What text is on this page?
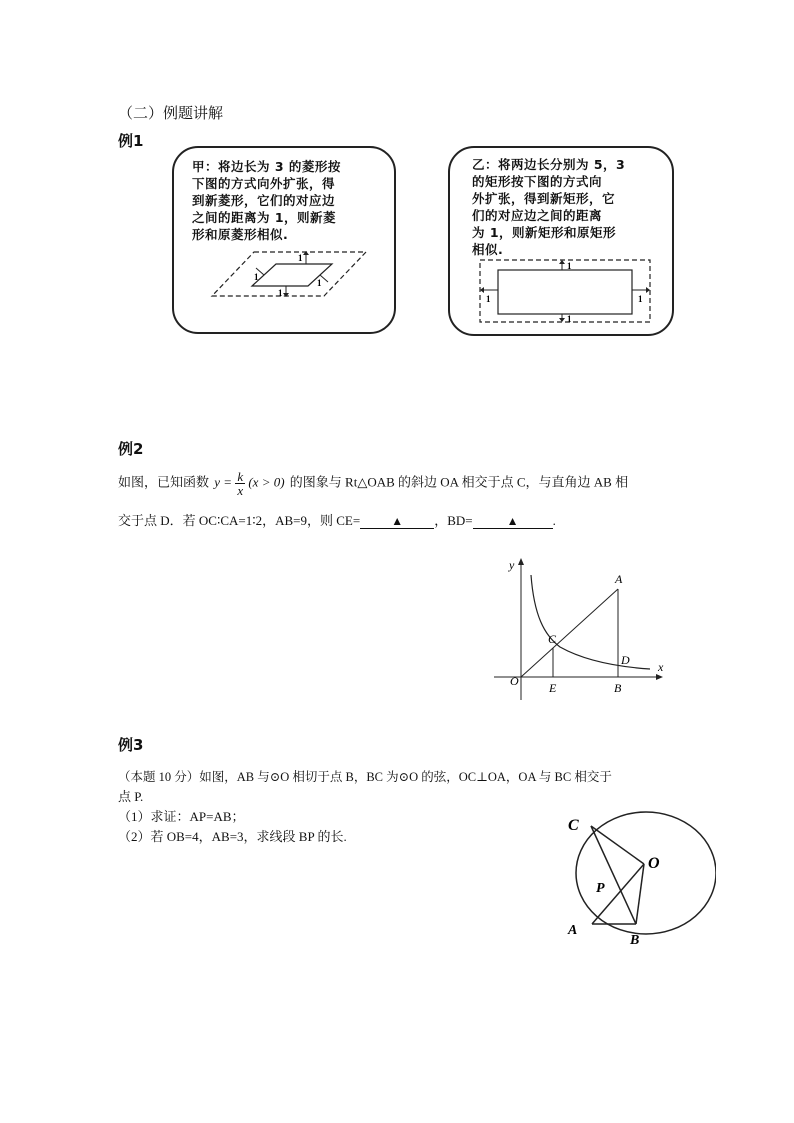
（二）例题讲解
例1
甲：将边长为 3 的菱形按
下图的方式向外扩张，得
到新菱形，它们的对应边
之间的距离为 1，则新菱
形和原菱形相似.
1
1
1
1
乙：将两边长分别为 5，3
的矩形按下图的方式向
外扩张，得到新矩形，它
们的对应边之间的距离
为 1，则新矩形和原矩形
相似.
1
1	1
1
例2
如图，已知函数 $y = \frac{k}{x} (x > 0)$ 的图象与 Rt△OAB 的斜边 OA 相交于点 C，与直角边 AB 相
交于点 D．若 OC∶CA=1∶2，AB=9，则 CE=	▲ ，BD=	▲	.
y
x
A
C
D
O	E	B
例3
（本题 10 分）如图，AB 与⊙O 相切于点 B，BC 为⊙O 的弦，OC⊥OA，OA 与 BC 相交于
点 P.
（1）求证：AP=AB；
（2）若 OB=4，AB=3，求线段 BP 的长.
C
O
P
A
B
